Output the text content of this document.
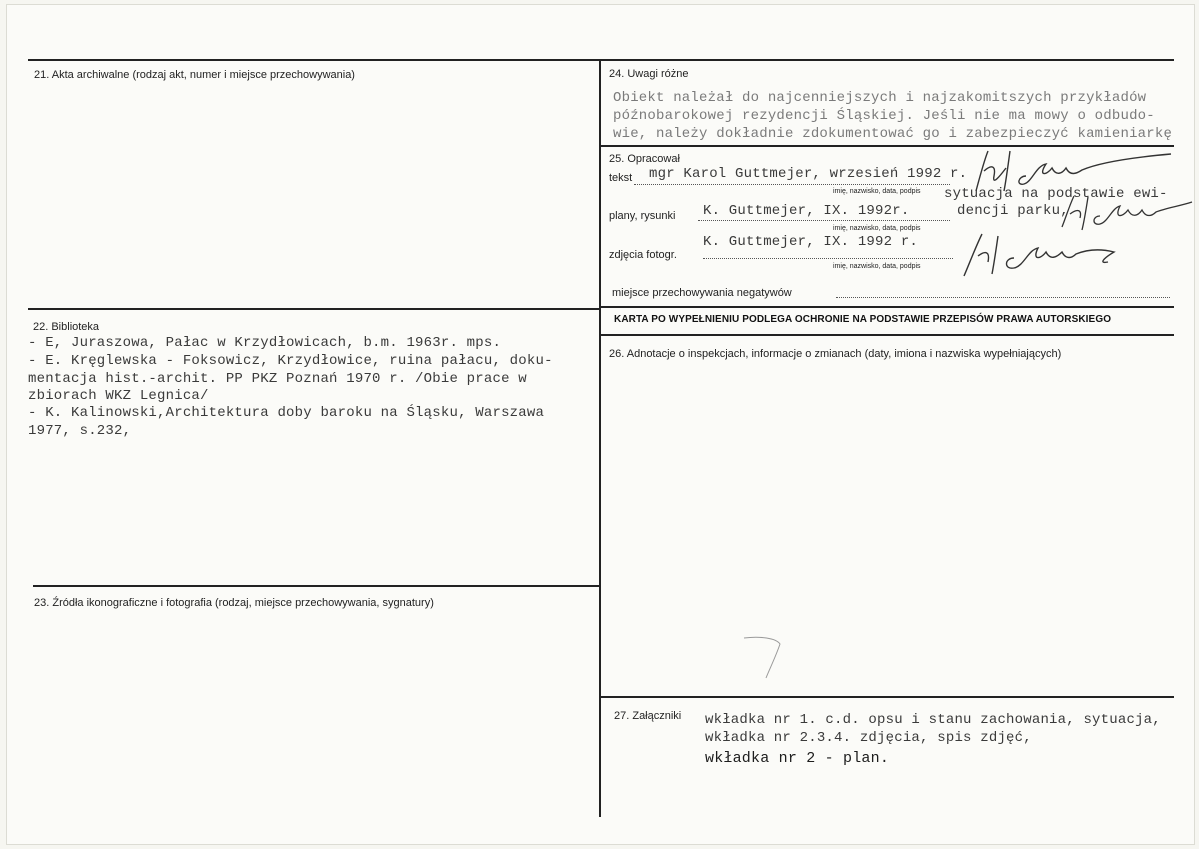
21. Akta archiwalne (rodzaj akt, numer i miejsce przechowywania)
22. Biblioteka
- E, Juraszowa, Pałac w Krzydłowicach, b.m. 1963r. mps.
- E. Kręglewska - Foksowicz, Krzydłowice, ruina pałacu, doku-
mentacja hist.-archit. PP PKZ Poznań 1970 r. /Obie prace w
zbiorach WKZ Legnica/
- K. Kalinowski,Architektura doby baroku na Śląsku, Warszawa
1977, s.232,
23. Źródła ikonograficzne i fotografia (rodzaj, miejsce przechowywania, sygnatury)
24. Uwagi różne
Obiekt należał do najcenniejszych i najzakomitszych przykładów
późnobarokowej rezydencji Śląskiej. Jeśli nie ma mowy o odbudo-
wie, należy dokładnie zdokumentować go i zabezpieczyć kamieniarkę
25. Opracował
tekst mgr Karol Guttmejer, wrzesień 1992 r.
imię, nazwisko, data, podpis sytuacja na podstawie ewi-
plany, rysunki K. Guttmejer, IX. 1992r.	dencji parku,
imię, nazwisko, data, podpis
zdjęcia fotogr.
K. Guttmejer, IX. 1992 r.
imię, nazwisko, data, podpis
miejsce przechowywania negatywów
KARTA PO WYPEŁNIENIU PODLEGA OCHRONIE NA PODSTAWIE PRZEPISÓW PRAWA AUTORSKIEGO
26. Adnotacje o inspekcjach, informacje o zmianach (daty, imiona i nazwiska wypełniających)
27. Załączniki wkładka nr 1. c.d. opsu i stanu zachowania, sytuacja,
wkładka nr 2.3.4. zdjęcia, spis zdjęć,
wkładka nr 2 - plan.
